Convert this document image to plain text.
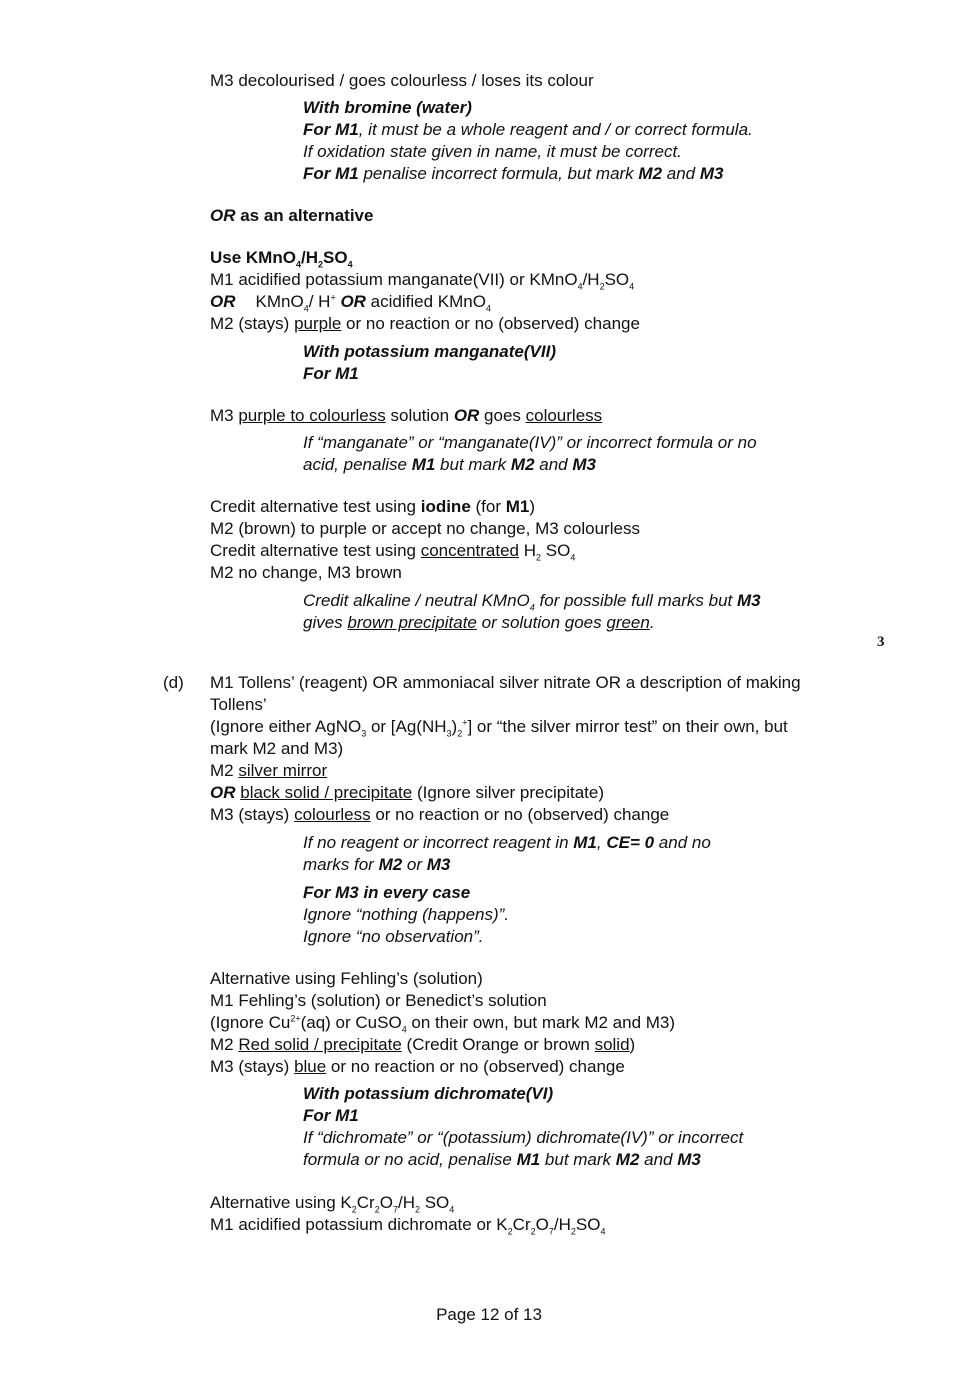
M3 decolourised / goes colourless / loses its colour
With bromine (water)
For M1, it must be a whole reagent and / or correct formula.
If oxidation state given in name, it must be correct.
For M1 penalise incorrect formula, but mark M2 and M3
OR as an alternative
Use $KMnO_4/H_2SO_4$
M1 acidified potassium manganate(VII) or $KMnO_4/H_2SO_4$
OR KMnO$_4$/ H+ OR acidified KMnO$_4$
M2 (stays) purple or no reaction or no (observed) change
With potassium manganate(VII)
For M1
M3 purple to colourless solution OR goes colourless
If “manganate” or “manganate(IV)” or incorrect formula or no
acid, penalise M1 but mark M2 and M3
Credit alternative test using iodine (for M1)
M2 (brown) to purple or accept no change, M3 colourless
Credit alternative test using concentrated $H_2$ $SO_4$
M2 no change, M3 brown
Credit alkaline / neutral KMnO$_4$ for possible full marks but M3
gives brown precipitate or solution goes green.
3
(d) M1 Tollens’ (reagent) OR ammoniacal silver nitrate OR a description of making
Tollens’
(Ignore either AgNO$_3$ or $[Ag(NH_3)_2^+]$ or “the silver mirror test” on their own, but
mark M2 and M3)
M2 silver mirror
OR black solid / precipitate (Ignore silver precipitate)
M3 (stays) colourless or no reaction or no (observed) change
If no reagent or incorrect reagent in M1, CE= 0 and no
marks for M2 or M3
For M3 in every case
Ignore “nothing (happens)”.
Ignore “no observation”.
Alternative using Fehling’s (solution)
M1 Fehling’s (solution) or Benedict’s solution
(Ignore $Cu^{2+}(aq)$ or CuSO$_4$ on their own, but mark M2 and M3)
M2 Red solid / precipitate (Credit Orange or brown solid)
M3 (stays) blue or no reaction or no (observed) change
With potassium dichromate(VI)
For M1
If “dichromate” or “(potassium) dichromate(IV)” or incorrect
formula or no acid, penalise M1 but mark M2 and M3
Alternative using $K_2Cr_2O_7/H_2$ $SO_4$
M1 acidified potassium dichromate or $K_2Cr_2O_7/H_2SO_4$
Page 12 of 13
